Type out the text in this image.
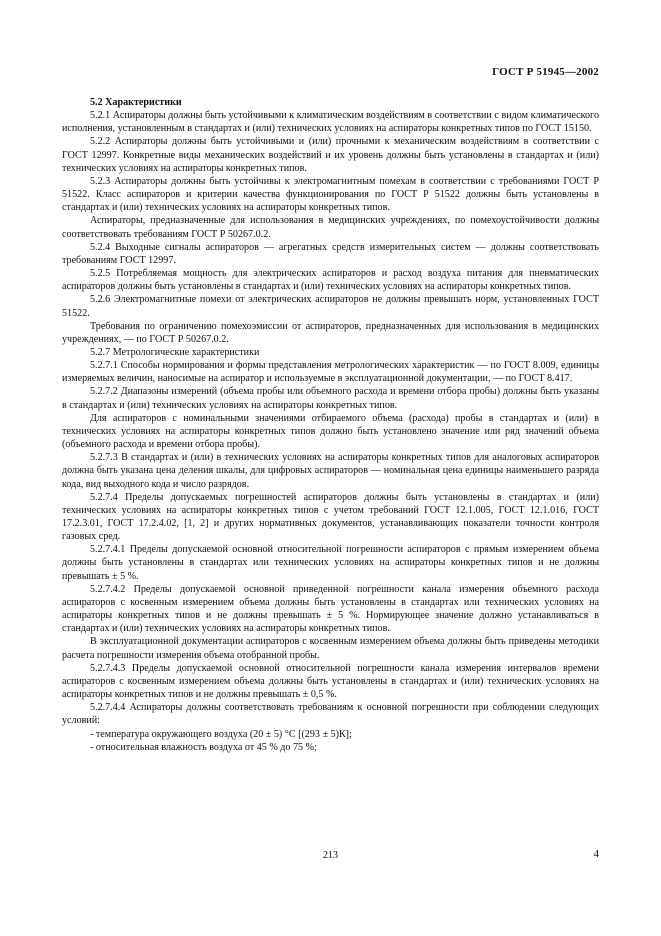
ГОСТ Р 51945—2002

5.2 Характеристики

5.2.1 Аспираторы должны быть устойчивыми к климатическим воздействиям в соответствии с видом климатического исполнения, установленным в стандартах и (или) технических условиях на аспираторы конкретных типов по ГОСТ 15150.

5.2.2 Аспираторы должны быть устойчивыми и (или) прочными к механическим воздействиям в соответствии с ГОСТ 12997. Конкретные виды механических воздействий и их уровень должны быть установлены в стандартах и (или) технических условиях на аспираторы конкретных типов.

5.2.3 Аспираторы должны быть устойчивы к электромагнитным помехам в соответствии с требованиями ГОСТ Р 51522. Класс аспираторов и критерии качества функционирования по ГОСТ Р 51522 должны быть установлены в стандартах и (или) технических условиях на аспираторы конкретных типов.

Аспираторы, предназначенные для использования в медицинских учреждениях, по помехоустойчивости должны соответствовать требованиям ГОСТ Р 50267.0.2.

5.2.4 Выходные сигналы аспираторов — агрегатных средств измерительных систем — должны соответствовать требованиям ГОСТ 12997.

5.2.5 Потребляемая мощность для электрических аспираторов и расход воздуха питания для пневматических аспираторов должны быть установлены в стандартах и (или) технических условиях на аспираторы конкретных типов.

5.2.6 Электромагнитные помехи от электрических аспираторов не должны превышать норм, установленных ГОСТ 51522.

Требования по ограничению помехоэмиссии от аспираторов, предназначенных для использования в медицинских учреждениях, — по ГОСТ Р 50267.0.2.

5.2.7 Метрологические характеристики

5.2.7.1 Способы нормирования и формы представления метрологических характеристик — по ГОСТ 8.009, единицы измеряемых величин, наносимые на аспиратор и используемые в эксплуатационной документации, — по ГОСТ 8.417.

5.2.7.2 Диапазоны измерений (объема пробы или объемного расхода и времени отбора пробы) должны быть указаны в стандартах и (или) технических условиях на аспираторы конкретных типов.

Для аспираторов с номинальными значениями отбираемого объема (расхода) пробы в стандартах и (или) в технических условиях на аспираторы конкретных типов должно быть установлено значение или ряд значений объема (объемного расхода и времени отбора пробы).

5.2.7.3 В стандартах и (или) в технических условиях на аспираторы конкретных типов для аналоговых аспираторов должна быть указана цена деления шкалы, для цифровых аспираторов — номинальная цена единицы наименьшего разряда кода, вид выходного кода и число разрядов.

5.2.7.4 Пределы допускаемых погрешностей аспираторов должны быть установлены в стандартах и (или) технических условиях на аспираторы конкретных типов с учетом требований ГОСТ 12.1.005, ГОСТ 12.1.016, ГОСТ 17.2.3.01, ГОСТ 17.2.4.02, [1, 2] и других нормативных документов, устанавливающих показатели точности контроля газовых сред.

5.2.7.4.1 Пределы допускаемой основной относительной погрешности аспираторов с прямым измерением объема должны быть установлены в стандартах или технических условиях на аспираторы конкретных типов и не должны превышать ± 5 %.

5.2.7.4.2 Пределы допускаемой основной приведенной погрешности канала измерения объемного расхода аспираторов с косвенным измерением объема должны быть установлены в стандартах или технических условиях на аспираторы конкретных типов и не должны превышать ± 5 %. Нормирующее значение должно устанавливаться в стандартах и (или) технических условиях на аспираторы конкретных типов.

В эксплуатационной документации аспираторов с косвенным измерением объема должны быть приведены методики расчета погрешности измерения объема отобранной пробы.

5.2.7.4.3 Пределы допускаемой основной относительной погрешности канала измерения интервалов времени аспираторов с косвенным измерением объема должны быть установлены в стандартах и (или) технических условиях на аспираторы конкретных типов и не должны превышать ± 0,5 %.

5.2.7.4.4 Аспираторы должны соответствовать требованиям к основной погрешности при соблюдении следующих условий:

- температура окружающего воздуха (20 ± 5) °С [(293 ± 5)К];

- относительная влажность воздуха от 45 % до 75 %;

213	4
